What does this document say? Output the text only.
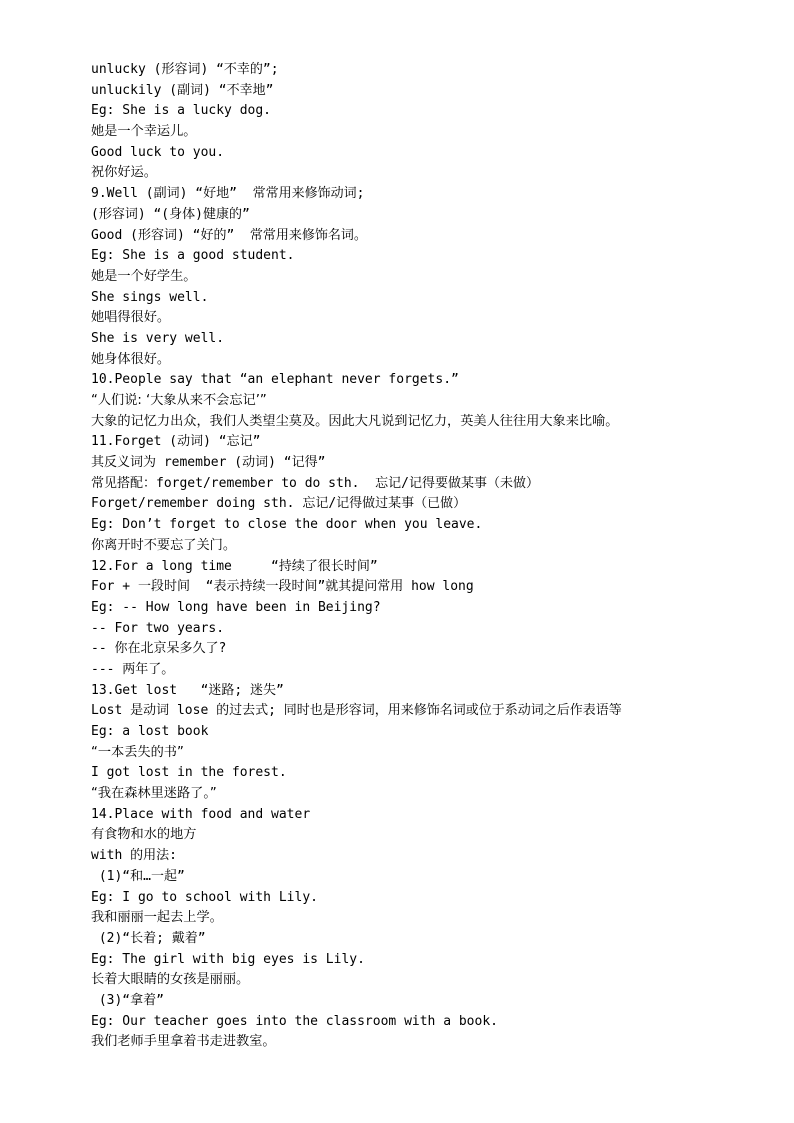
unlucky (形容词) “不幸的”;
unluckily (副词) “不幸地”
Eg: She is a lucky dog.
她是一个幸运儿。
Good luck to you.
祝你好运。
9.Well (副词) “好地”  常常用来修饰动词;
(形容词) “(身体)健康的”
Good (形容词) “好的”  常常用来修饰名词。
Eg: She is a good student.
她是一个好学生。
She sings well.
她唱得很好。
She is very well.
她身体很好。
10.People say that “an elephant never forgets.”
“人们说: ‘大象从来不会忘记’”
大象的记忆力出众，我们人类望尘莫及。因此大凡说到记忆力，英美人往往用大象来比喻。
11.Forget (动词) “忘记”
其反义词为 remember (动词) “记得”
常见搭配：forget/remember to do sth.  忘记/记得要做某事（未做）
Forget/remember doing sth. 忘记/记得做过某事（已做）
Eg: Don’t forget to close the door when you leave.
你离开时不要忘了关门。
12.For a long time     “持续了很长时间”
For + 一段时间  “表示持续一段时间”就其提问常用 how long
Eg: -- How long have been in Beijing?
-- For two years.
-- 你在北京呆多久了?
--- 两年了。
13.Get lost   “迷路; 迷失”
Lost 是动词 lose 的过去式; 同时也是形容词，用来修饰名词或位于系动词之后作表语等
Eg: a lost book
“一本丢失的书”
I got lost in the forest.
“我在森林里迷路了。”
14.Place with food and water
有食物和水的地方
with 的用法:
(1)“和…一起”
Eg: I go to school with Lily.
我和丽丽一起去上学。
(2)“长着; 戴着”
Eg: The girl with big eyes is Lily.
长着大眼睛的女孩是丽丽。
(3)“拿着”
Eg: Our teacher goes into the classroom with a book.
我们老师手里拿着书走进教室。
